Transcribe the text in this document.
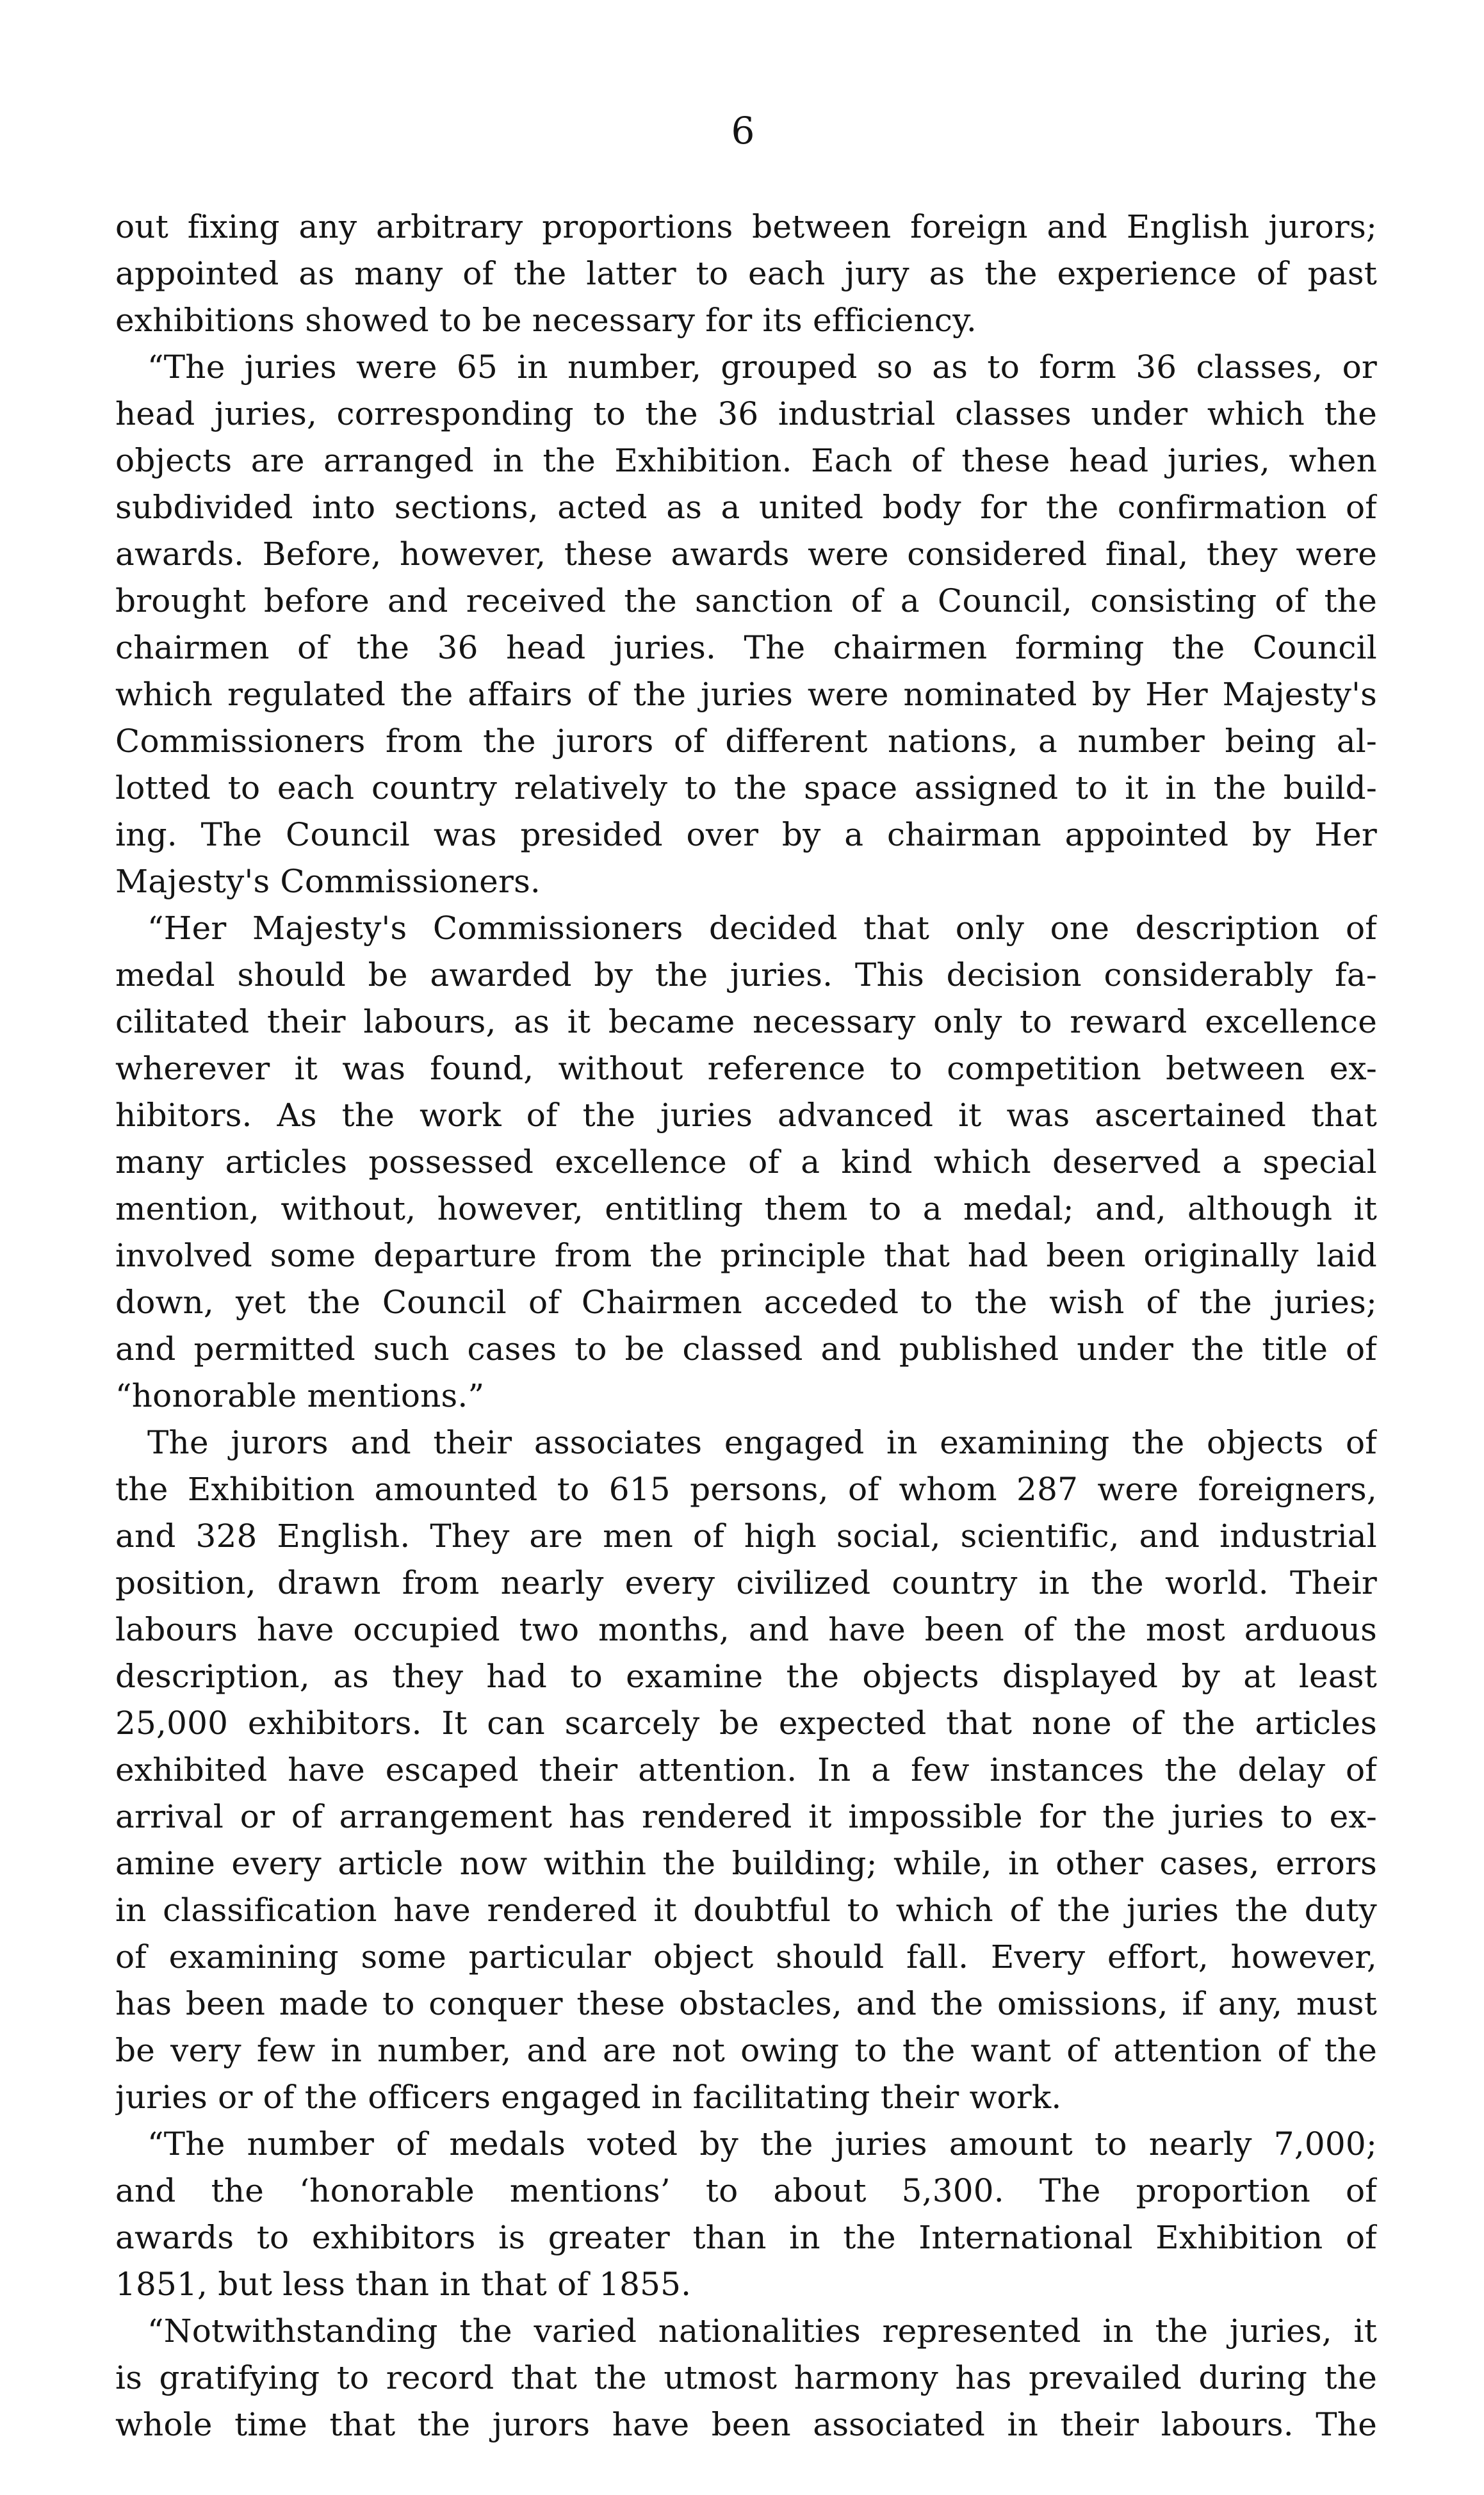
6
out fixing any arbitrary proportions between foreign and English jurors;
appointed as many of the latter to each jury as the experience of past
exhibitions showed to be necessary for its efficiency.
“The juries were 65 in number, grouped so as to form 36 classes, or
head juries, corresponding to the 36 industrial classes under which the
objects are arranged in the Exhibition. Each of these head juries, when
subdivided into sections, acted as a united body for the confirmation of
awards. Before, however, these awards were considered final, they were
brought before and received the sanction of a Council, consisting of the
chairmen of the 36 head juries. The chairmen forming the Council
which regulated the affairs of the juries were nominated by Her Majesty's
Commissioners from the jurors of different nations, a number being al-
lotted to each country relatively to the space assigned to it in the build-
ing. The Council was presided over by a chairman appointed by Her
Majesty's Commissioners.
“Her Majesty's Commissioners decided that only one description of
medal should be awarded by the juries. This decision considerably fa-
cilitated their labours, as it became necessary only to reward excellence
wherever it was found, without reference to competition between ex-
hibitors. As the work of the juries advanced it was ascertained that
many articles possessed excellence of a kind which deserved a special
mention, without, however, entitling them to a medal; and, although it
involved some departure from the principle that had been originally laid
down, yet the Council of Chairmen acceded to the wish of the juries;
and permitted such cases to be classed and published under the title of
“honorable mentions.”
The jurors and their associates engaged in examining the objects of
the Exhibition amounted to 615 persons, of whom 287 were foreigners,
and 328 English. They are men of high social, scientific, and industrial
position, drawn from nearly every civilized country in the world. Their
labours have occupied two months, and have been of the most arduous
description, as they had to examine the objects displayed by at least
25,000 exhibitors. It can scarcely be expected that none of the articles
exhibited have escaped their attention. In a few instances the delay of
arrival or of arrangement has rendered it impossible for the juries to ex-
amine every article now within the building; while, in other cases, errors
in classification have rendered it doubtful to which of the juries the duty
of examining some particular object should fall. Every effort, however,
has been made to conquer these obstacles, and the omissions, if any, must
be very few in number, and are not owing to the want of attention of the
juries or of the officers engaged in facilitating their work.
“The number of medals voted by the juries amount to nearly 7,000;
and the ‘honorable mentions’ to about 5,300. The proportion of
awards to exhibitors is greater than in the International Exhibition of
1851, but less than in that of 1855.
“Notwithstanding the varied nationalities represented in the juries, it
is gratifying to record that the utmost harmony has prevailed during the
whole time that the jurors have been associated in their labours. The
